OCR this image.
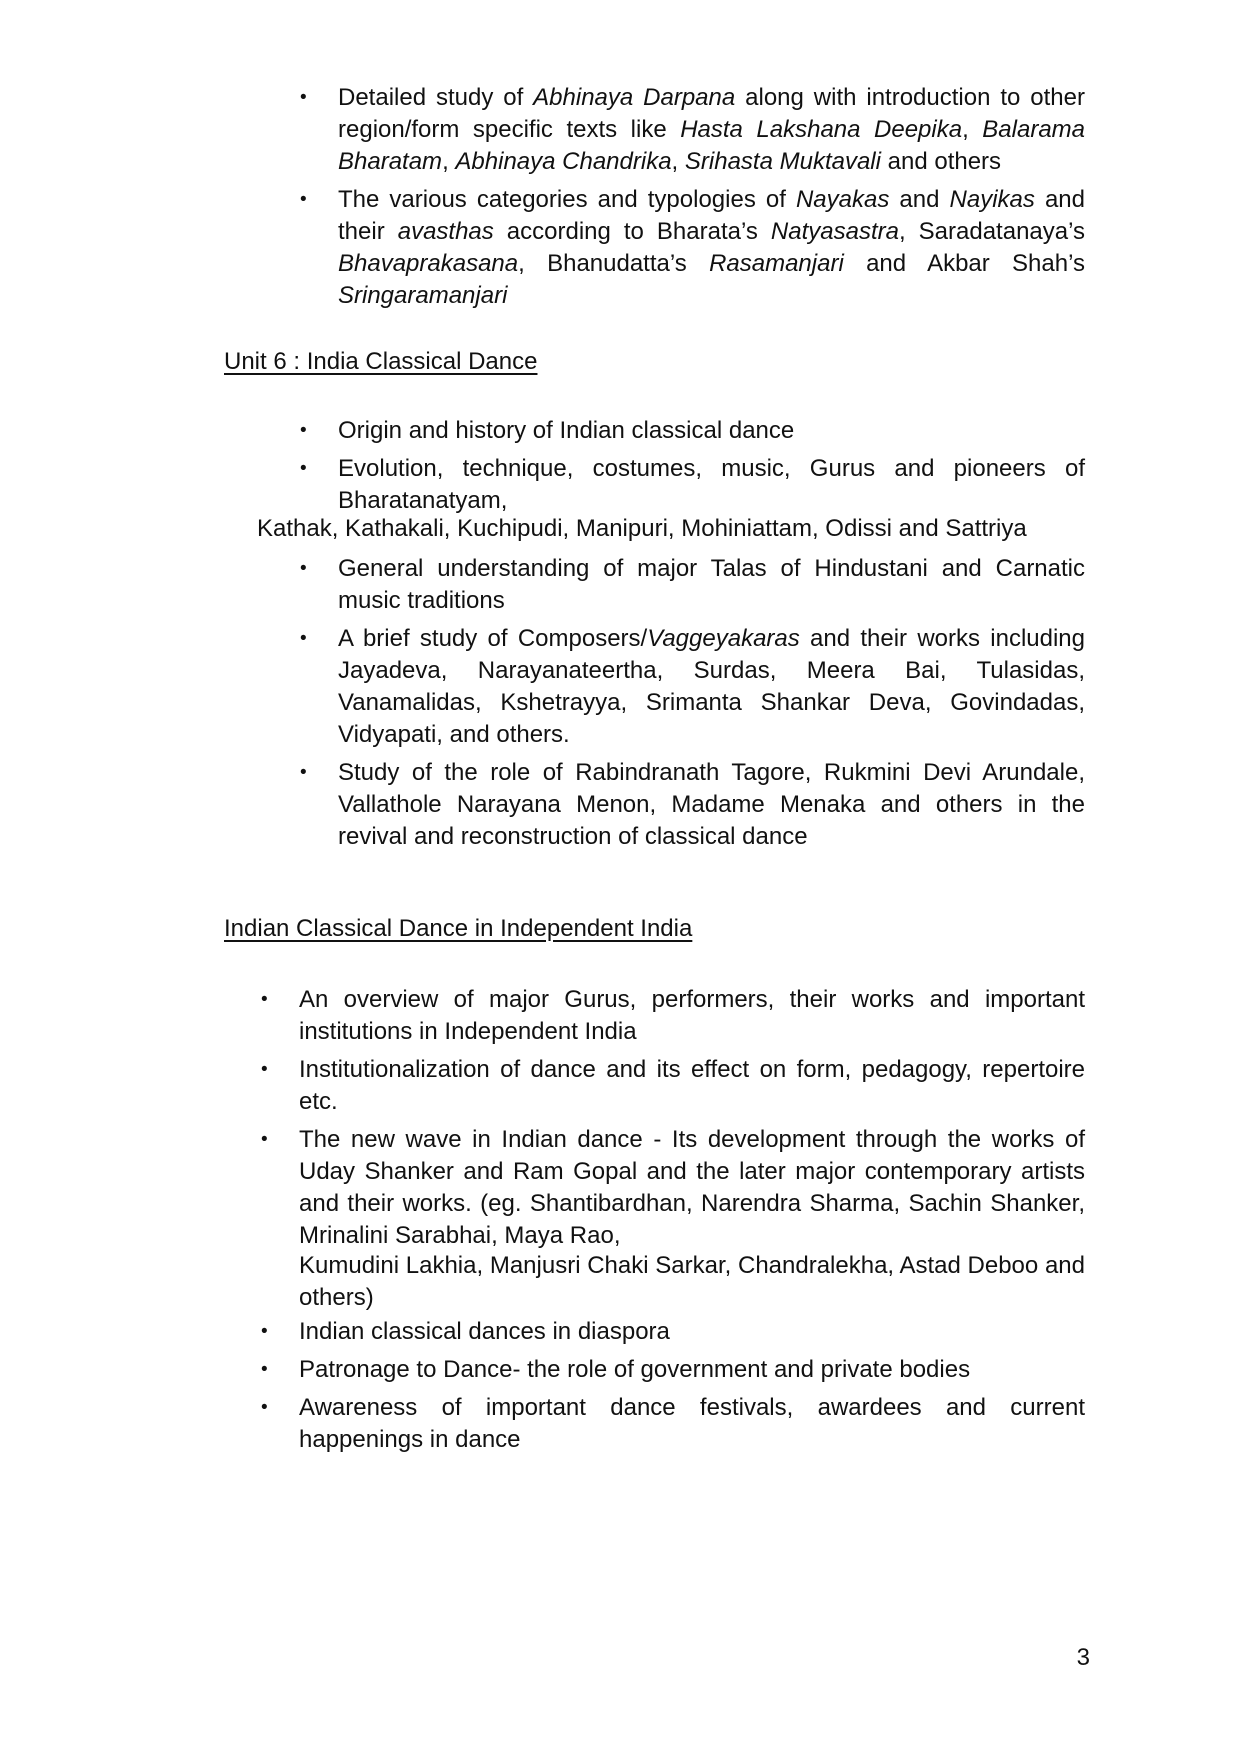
• Detailed study of Abhinaya Darpana along with introduction to other region/form specific texts like Hasta Lakshana Deepika, Balarama Bharatam, Abhinaya Chandrika, Srihasta Muktavali and others
• The various categories and typologies of Nayakas and Nayikas and their avasthas according to Bharata’s Natyasastra, Saradatanaya’s Bhavaprakasana, Bhanudatta’s Rasamanjari and Akbar Shah’s Sringaramanjari
Unit 6 : India Classical Dance
• Origin and history of Indian classical dance
• Evolution, technique, costumes, music, Gurus and pioneers of Bharatanatyam,

Kathak, Kathakali, Kuchipudi, Manipuri, Mohiniattam, Odissi and Sattriya

• General understanding of major Talas of Hindustani and Carnatic music traditions
• A brief study of Composers/Vaggeyakaras and their works including Jayadeva, Narayanateertha, Surdas, Meera Bai, Tulasidas, Vanamalidas, Kshetrayya, Srimanta Shankar Deva, Govindadas, Vidyapati, and others.
• Study of the role of Rabindranath Tagore, Rukmini Devi Arundale, Vallathole Narayana Menon, Madame Menaka and others in the revival and reconstruction of classical dance
Indian Classical Dance in Independent India
• An overview of major Gurus, performers, their works and important institutions in Independent India
• Institutionalization of dance and its effect on form, pedagogy, repertoire etc.
• The new wave in Indian dance - Its development through the works of Uday Shanker and Ram Gopal and the later major contemporary artists and their works. (eg. Shantibardhan, Narendra Sharma, Sachin Shanker, Mrinalini Sarabhai, Maya Rao,

Kumudini Lakhia, Manjusri Chaki Sarkar, Chandralekha, Astad Deboo and others)

• Indian classical dances in diaspora
• Patronage to Dance- the role of government and private bodies
• Awareness of important dance festivals, awardees and current happenings in dance
3
